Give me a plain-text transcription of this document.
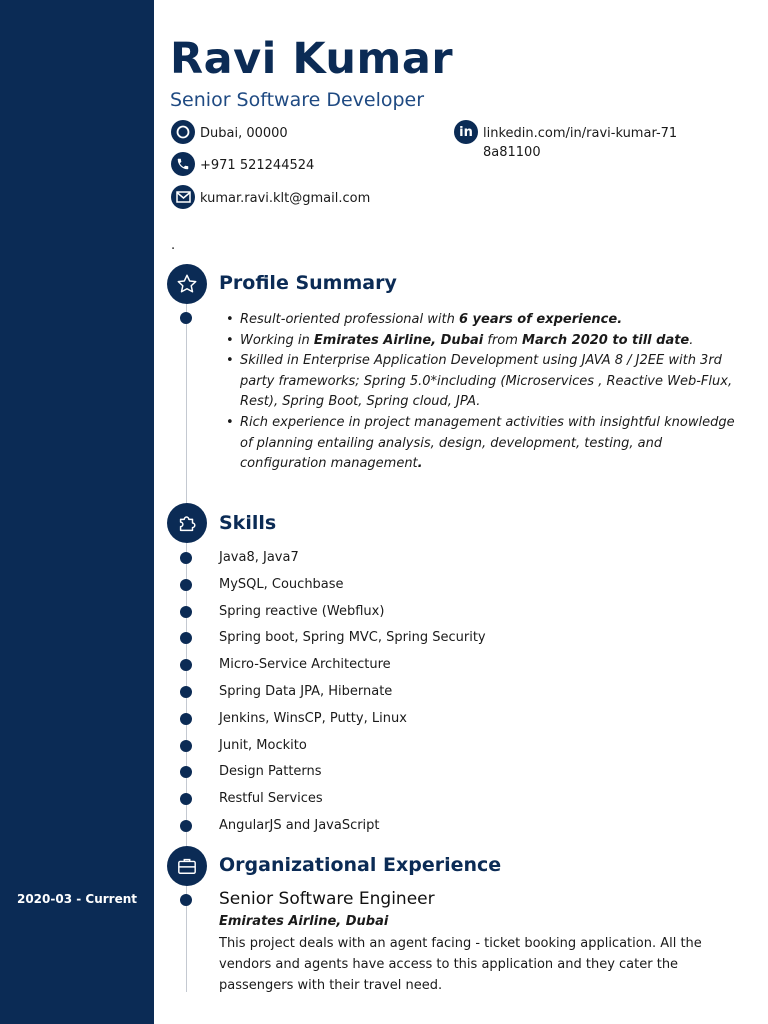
2020-03 - Current
Ravi Kumar
Senior Software Developer
Dubai, 00000
+971 521244524
kumar.ravi.klt@gmail.com
in linkedin.com/in/ravi-kumar-718a81100
.
Profile Summary
• Result-oriented professional with 6 years of experience.
• Working in Emirates Airline, Dubai from March 2020 to till date.
• Skilled in Enterprise Application Development using JAVA 8 / J2EE with 3rd party frameworks; Spring 5.0*including (Microservices , Reactive Web-Flux, Rest), Spring Boot, Spring cloud, JPA.
• Rich experience in project management activities with insightful knowledge of planning entailing analysis, design, development, testing, and configuration management.
Skills
Java8, Java7
MySQL, Couchbase
Spring reactive (Webflux)
Spring boot, Spring MVC, Spring Security
Micro-Service Architecture
Spring Data JPA, Hibernate
Jenkins, WinsCP, Putty, Linux
Junit, Mockito
Design Patterns
Restful Services
AngularJS and JavaScript
Organizational Experience
Senior Software Engineer
Emirates Airline, Dubai
This project deals with an agent facing - ticket booking application. All the vendors and agents have access to this application and they cater the passengers with their travel need.
